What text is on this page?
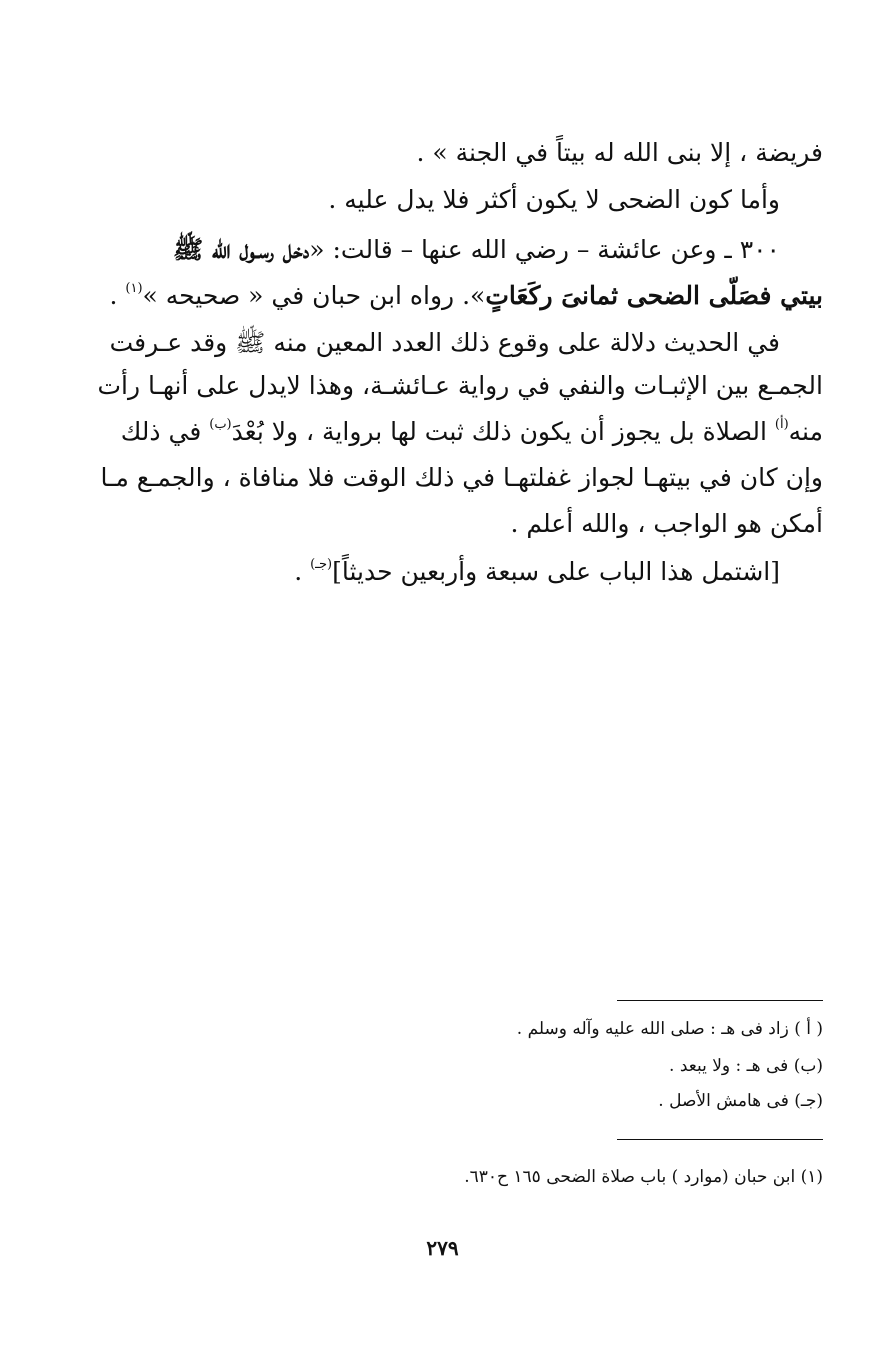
فريضة ، إلا بنى الله له بيتاً في الجنة » .
وأما كون الضحى لا يكون أكثر فلا يدل عليه .
٣٠٠ ـ وعن عائشة – رضي الله عنها – قالت: «دخل رسـول الله ﷺ
بيتي فصَلّى الضحى ثمانىَ ركَعَاتٍ». رواه ابن حبان في « صحيحه »$^{(١)}$ .
في الحديث دلالة على وقوع ذلك العدد المعين منه ﷺ وقد عـرفت
الجمـع بين الإثبـات والنفي في رواية عـائشـة، وهذا لايدل على أنهـا رأت
منه$^{(أ)}$ الصلاة بل يجوز أن يكون ذلك ثبت لها برواية ، ولا بُعْدَ$^{(ب)}$ في ذلك
وإن كان في بيتهـا لجواز غفلتهـا في ذلك الوقت فلا منافاة ، والجمـع مـا
أمكن هو الواجب ، والله أعلم .
[اشتمل هذا الباب على سبعة وأربعين حديثاً]$^{(جـ)}$ .
( أ ) زاد فى هـ : صلى الله عليه وآله وسلم .
(ب) فى هـ : ولا يبعد .
(جـ) فى هامش الأصل .
(١) ابن حبان (موارد ) باب صلاة الضحى ١٦٥ ح٦٣٠.
٢٧٩
